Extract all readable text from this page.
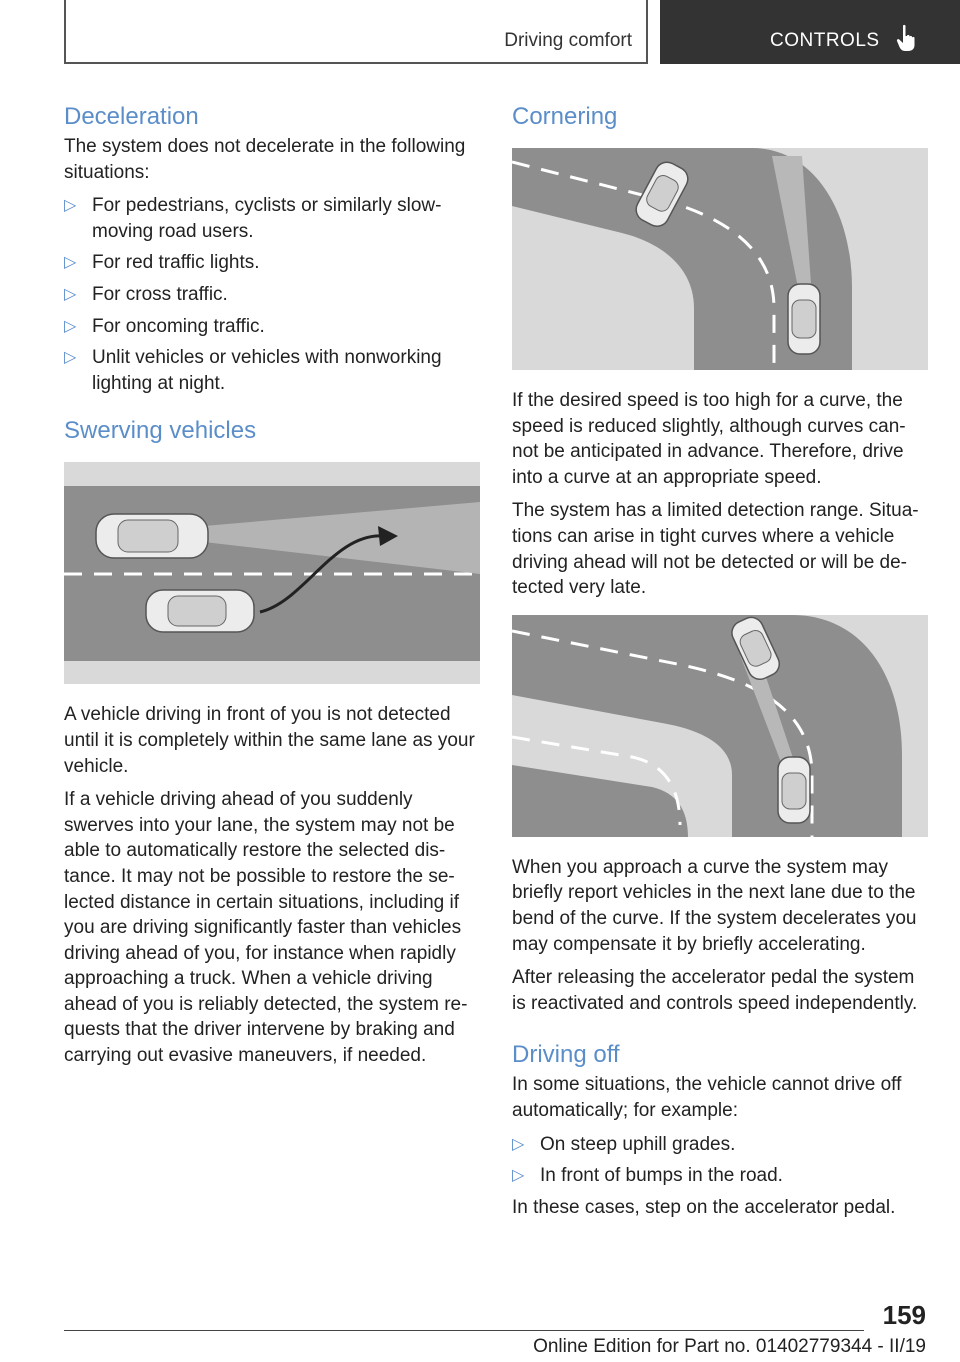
Driving comfort	CONTROLS
Deceleration

The system does not decelerate in the following situations:

▷ For pedestrians, cyclists or similarly slow-moving road users.
▷ For red traffic lights.
▷ For cross traffic.
▷ For oncoming traffic.
▷ Unlit vehicles or vehicles with nonworking lighting at night.
Swerving vehicles

A vehicle driving in front of you is not detected until it is completely within the same lane as your vehicle.

If a vehicle driving ahead of you suddenly swerves into your lane, the system may not be able to automatically restore the selected dis-tance. It may not be possible to restore the se-lected distance in certain situations, including if you are driving significantly faster than vehicles driving ahead of you, for instance when rapidly approaching a truck. When a vehicle driving ahead of you is reliably detected, the system re-quests that the driver intervene by braking and carrying out evasive maneuvers, if needed.

Cornering

If the desired speed is too high for a curve, the speed is reduced slightly, although curves can-not be anticipated in advance. Therefore, drive into a curve at an appropriate speed.

The system has a limited detection range. Situa-tions can arise in tight curves where a vehicle driving ahead will not be detected or will be de-tected very late.

When you approach a curve the system may briefly report vehicles in the next lane due to the bend of the curve. If the system decelerates you may compensate it by briefly accelerating.

After releasing the accelerator pedal the system is reactivated and controls speed independently.

Driving off

In some situations, the vehicle cannot drive off automatically; for example:

▷ On steep uphill grades.
▷ In front of bumps in the road.

In these cases, step on the accelerator pedal.

159
Online Edition for Part no. 01402779344 - II/19
